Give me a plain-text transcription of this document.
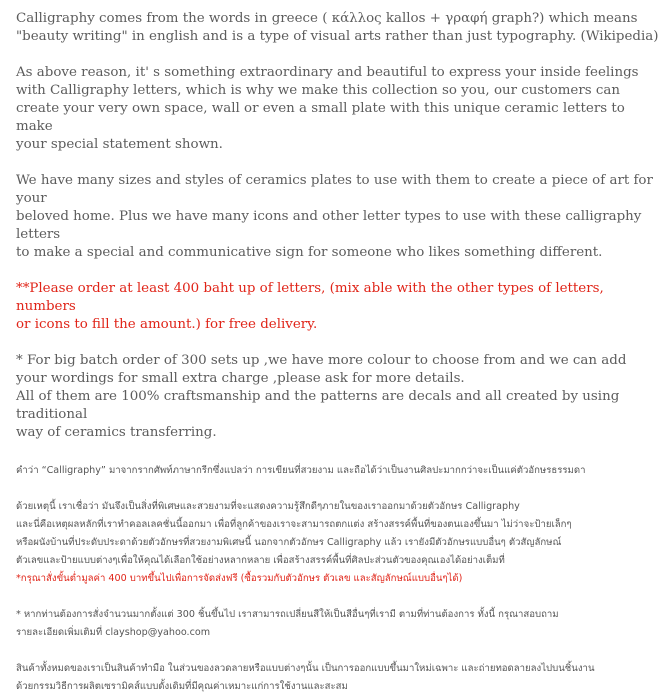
Calligraphy comes from the words in greece ( κάλλος kallos + γραφή graph?) which means
"beauty writing" in english and is a type of visual arts rather than just typography. (Wikipedia)

As above reason, it' s something extraordinary and beautiful to express your inside feelings
with Calligraphy letters, which is why we make this collection so you, our customers can
create your very own space, wall or even a small plate with this unique ceramic letters to make
your special statement shown.

We have many sizes and styles of ceramics plates to use with them to create a piece of art for your
beloved home. Plus we have many icons and other letter types to use with these calligraphy letters
to make a special and communicative sign for someone who likes something different.

**Please order at least 400 baht up of letters, (mix able with the other types of letters, numbers
or icons to fill the amount.) for free delivery.

* For big batch order of 300 sets up ,we have more colour to choose from and we can add
your wordings for small extra charge ,please ask for more details.

All of them are 100% craftsmanship and the patterns are decals and all created by using traditional
way of ceramics transferring.

คำว่า “Calligraphy” มาจากรากศัพท์ภาษากรีกซึ่งแปลว่า การเขียนที่สวยงาม และถือได้ว่าเป็นงานศิลปะมากกว่าจะเป็นแค่ตัวอักษรธรรมดา

ด้วยเหตุนี้ เราเชื่อว่า มันจึงเป็นสิ่งที่พิเศษและสวยงามที่จะแสดงความรู้สึกดีๆภายในของเราออกมาด้วยตัวอักษร Calligraphy
และนี่คือเหตุผลหลักที่เราทำคอลเลคชั่นนี้ออกมา เพื่อที่ลูกค้าของเราจะสามารถตกแต่ง สร้างสรรค์พื้นที่ของตนเองขึ้นมา ไม่ว่าจะป้ายเล็กๆ
หรือผนังบ้านที่ประดับประดาด้วยตัวอักษรที่สวยงามพิเศษนี้ นอกจากตัวอักษร Calligraphy แล้ว เรายังมีตัวอักษรแบบอื่นๆ ตัวสัญลักษณ์
ตัวเลขและป้ายแบบต่างๆเพื่อให้คุณได้เลือกใช้อย่างหลากหลาย เพื่อสร้างสรรค์พื้นที่ศิลปะส่วนตัวของคุณเองได้อย่างเต็มที่

*กรุณาสั่งขั้นต่ำมูลค่า 400 บาทขึ้นไปเพื่อการจัดส่งฟรี (ซื้อรวมกับตัวอักษร ตัวเลข และสัญลักษณ์แบบอื่นๆได้)

* หากท่านต้องการสั่งจำนวนมากตั้งแต่ 300 ชิ้นขึ้นไป เราสามารถเปลี่ยนสีให้เป็นสีอื่นๆที่เรามี ตามที่ท่านต้องการ ทั้งนี้ กรุณาสอบถาม
รายละเอียดเพิ่มเติมที่ clayshop@yahoo.com

สินค้าทั้งหมดของเราเป็นสินค้าทำมือ ในส่วนของลวดลายหรือแบบต่างๆนั้น เป็นการออกแบบขึ้นมาใหม่เฉพาะ และถ่ายทอดลายลงไปบนชิ้นงาน
ด้วยกรรมวิธีการผลิตเซรามิคส์แบบดั้งเดิมที่มีคุณค่าเหมาะแก่การใช้งานและสะสม
